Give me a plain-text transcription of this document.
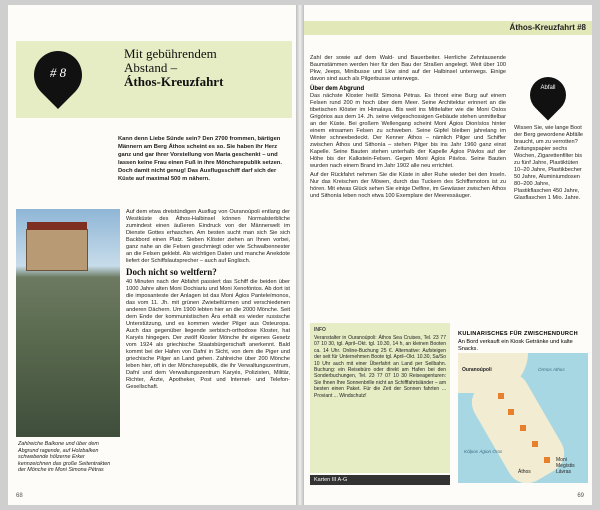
# 8
Mit gebührendem
Abstand –
Áthos-Kreuzfahrt
Kann denn Liebe Sünde sein? Den 2700 frommen, bärtigen Männern am Berg Áthos scheint es so. Sie haben ihr Herz ganz und gar ihrer Vorstellung von Maria geschenkt – und lassen keine Frau einen Fuß in ihre Mönchsrepublik setzen. Doch damit nicht genug! Das Ausflugsschiff darf sich der Küste auf maximal 500 m nähern.
Zahlreiche Balkone und über dem Abgrund ragende, auf Holzbalken schwebende hölzerne Erker kennzeichnen das große Seitentrakten der Mönche im Moni Simona Pétras

Auf dem etwa dreistündigen Ausflug von Ouranoúpoli entlang der Westküste des Áthos-Halbinsel können Normalsterbliche zumindest einen äußeren Eindruck von der Männerwelt im Dienste Gottes erhaschen. Am besten sucht man sich Sie sich Backbord einen Platz. Sieben Klöster ziehen an Ihnen vorbei, ganz nahe an die Felsen geschmiegt oder wie Schwalbennester an die Felsen geklebt. Als wichtigen Daten und manche Anekdote liefert der Schiffslautsprecher – auch auf Englisch.

Doch nicht so weltfern?

40 Minuten nach der Abfahrt passiert das Schiff die beiden über 1000 Jahre alten Moni Dochiariu und Moni Xenofóntos. Ab dort ist die imposanteste der Anlagen ist das Moni Ágios Panteleímonos, das vom 11. Jh. mit grünen Zwiebeltürmen und verschiedenen anderen Dächern. Um 1900 lebten hier an die 2000 Mönche. Seit dem Ende der kommunistischen Ära erhält es wieder russische Unterstützung, und es kommen wieder Pilger aus Osteuropa. Auch das gegenüber liegende serbisch-orthodoxe Kloster, hat Karyés hingegen. Der zwölf Kloster Mönche ihr eigenes Gesetz vom 1924 als griechische Staatsbürgerschaft anerkennt. Bald kommt bei der Hafen von Dafní in Sicht, von dem die Piger und griechische Pilger an Land gehen. Zahlreiche über 200 Mönche leben hier, oft in der Mönchsrepublik, die ihr Verwaltungszentrum, Dafní und dem Verwaltungszentrum Karyés, Polizisten, Militär, Richter, Ärzte, Apotheker, Post und Internet- und Telefon-Gesellschaft.

68
Áthos-Kreuzfahrt #8

Zahl der sowie auf dem Wald- und Bauerbeiter. Herrliche Zehntausende Baumstämmen werden hier für den Bau der Straßen angelegt. Weit über 100 Pkw, Jeeps, Minibusse und Lkw sind auf der Halbinsel unterwegs. Einige davon sind auch als Pilgerbusse unterwegs.

Über dem Abgrund

Das nächste Kloster heißt Simona Pétras. Es thront eine Burg auf einem Felsen rund 200 m hoch über dem Meer. Seine Architektur erinnert an die tibetischen Klöster im Himalaya. Bis weit ins Mittelalter wie die Moni Osíos Grigórios aus dem 14. Jh. seine vielgeschossigen Gebäude stehen unmittelbar an der Küste. Bei großem Wellengang scheint Moni Ágios Dionísíos hinter einem einsamen Felsen zu schweben. Seine Gipfel bleiben jahrelang im Winter schneebedeckt. Der Kenner Áthos – nämlich Pilger und Schiffer zwischen Áthos und Sithonía – stehen Pilger bis ins Jahr 1960 ganz einst Kapelle. Seine Bauten stehen unterhalb der Kapelle Ágios Pávlos auf der Höhe bis der Kalkstein-Felsen. Gegen Moni Ágíos Pávlos. Seine Bauten wurden nach einem Brand im Jahr 1902 alle neu errichtet.

Auf der Rückfahrt nehmen Sie die Küste in aller Ruhe wieder bei den Inseln. Nur das Kreischen der Möwen, durch das Tuckern des Schiffsmotors ist zu hören. Mit etwas Glück sehen Sie einige Delfine, im Gewässer zwischen Áthos und Sithonía leben noch etwa 100 Exemplare der Meeressäuger.

Abfall

Wissen Sie, wie lange Boot der Berg gewordene Abfälle braucht, um zu verrotten? Zeitungspapier sechs Wochen, Zigarettenfilter bis zu fünf Jahre, Plastiktüten 10–20 Jahre, Plastikbecher 50 Jahre, Aluminiumdosen 80–200 Jahre, Plastikflaschen 450 Jahre, Glasflaschen 1 Mio. Jahre.

Veranstalter in Ouranoúpoli: Áthos Sea Cruises, Tel. 23 77 07 10 30, tgl. April–Okt. tgl. 10.30, 14 h, an kleinen Booten ca. 14 Uhr. Online-Buchung 25 €. Alternative: Aufsteigen der seit für Unternehmen Boote tgl. April–Okt. 10.30, Sa/So 10 Uhr auch mit einer Überfahrt an Land per Seilbahn. Buchung: ein Reisebüro oder direkt am Hafen bei den Sonderbuchungen, Tel. 23 77 07 10 30 Reiseagenturen: Sie Ihnen Ihre Sonnenbrille nicht an Schifffahrtsländer – am besten einen Paket. Für die Zeit der Sonnen fahrten ... Proviant ... Windschutz!
INFO
Karten III A-G
KULINARISCHES FÜR ZWISCHENDURCH
An Bord verkauft ein Kiosk Getränke und kalte Snacks.
Ouranoúpoli
Kólpos Ágion Óros
Órmos Athos
Áthos
Moni Megístis Lávras
69
